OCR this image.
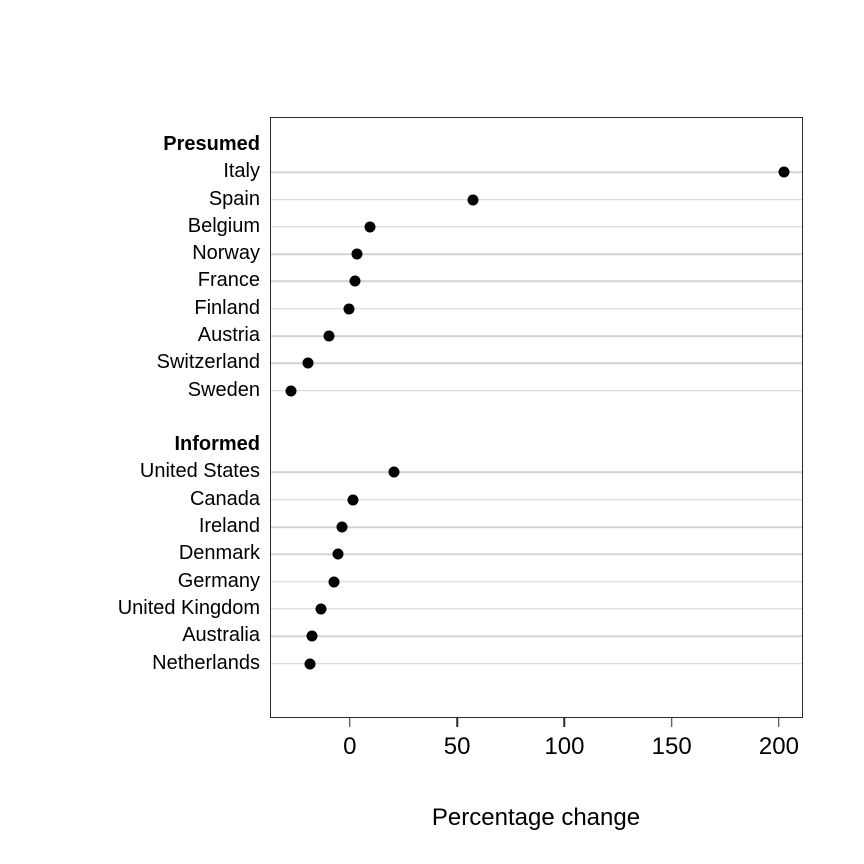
Presumed
Italy
Spain
Belgium
Norway
France
Finland
Austria
Switzerland
Sweden
Informed
United States
Canada
Ireland
Denmark
Germany
United Kingdom
Australia
Netherlands
0	50	100	150	200
Percentage change
